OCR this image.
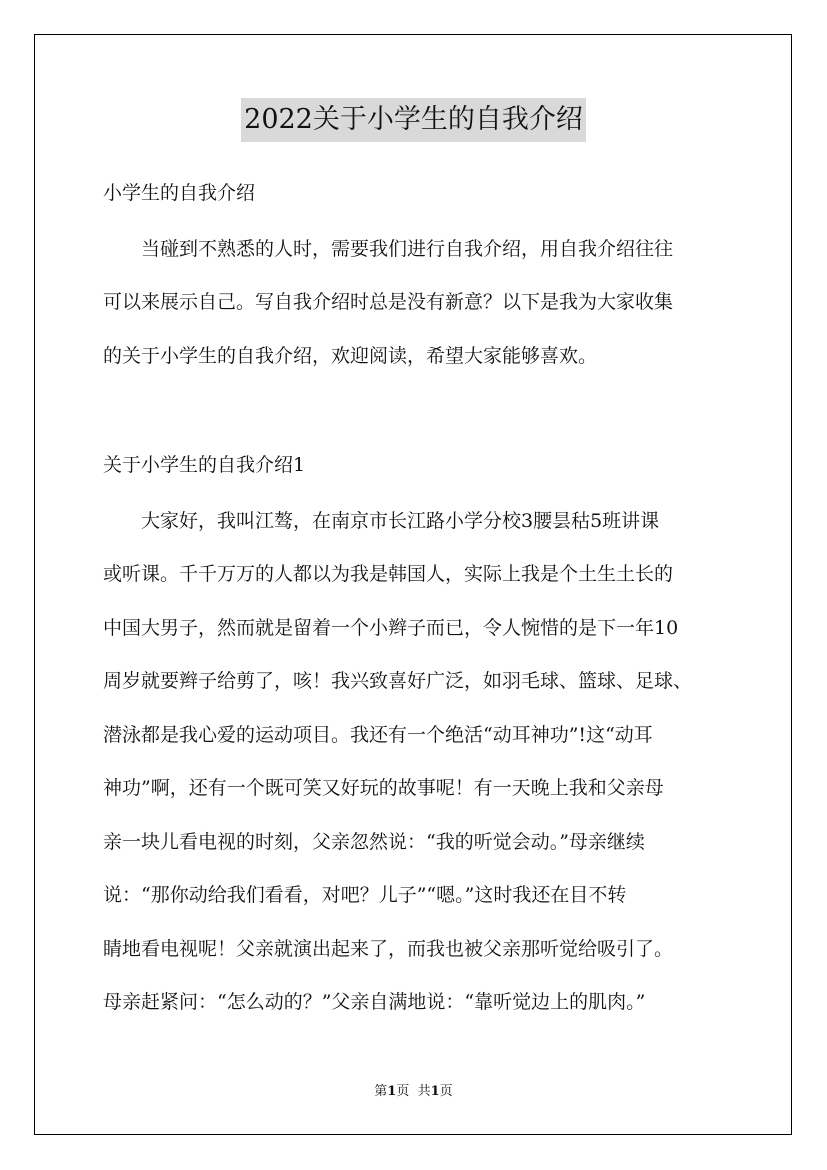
2022关于小学生的自我介绍
小学生的自我介绍
　　当碰到不熟悉的人时，需要我们进行自我介绍，用自我介绍往往
可以来展示自己。写自我介绍时总是没有新意？以下是我为大家收集
的关于小学生的自我介绍，欢迎阅读，希望大家能够喜欢。
关于小学生的自我介绍1
　　大家好，我叫江骜，在南京市长江路小学分校3腰昙秙5班讲课
或听课。千千万万的人都以为我是韩国人，实际上我是个土生土长的
中国大男子，然而就是留着一个小辫子而已，令人惋惜的是下一年10
周岁就要辫子给剪了，咳！我兴致喜好广泛，如羽毛球、篮球、足球、
潜泳都是我心爱的运动项目。我还有一个绝活“动耳神功”!这“动耳
神功”啊，还有一个既可笑又好玩的故事呢！有一天晚上我和父亲母
亲一块儿看电视的时刻，父亲忽然说：“我的听觉会动。”母亲继续
说：“那你动给我们看看，对吧？儿子”“嗯。”这时我还在目不转
睛地看电视呢！父亲就演出起来了，而我也被父亲那听觉给吸引了。
母亲赶紧问：“怎么动的？”父亲自满地说：“靠听觉边上的肌肉。”
第1页 共1页
